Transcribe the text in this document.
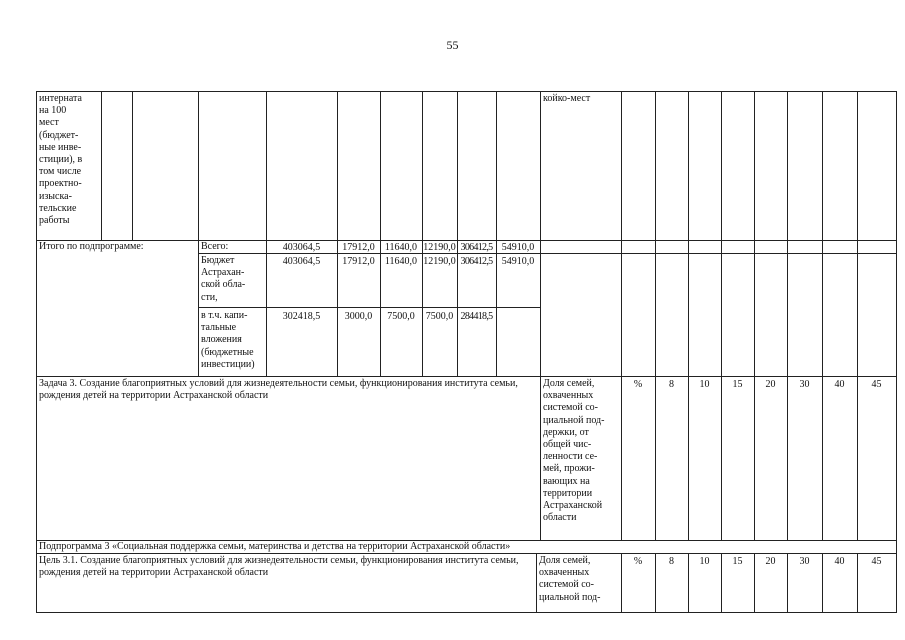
55
интерната
на 100
мест
(бюджет-
ные инве-
стиции), в
том числе
проектно-
изыска-
тельские
работы
койко-мест
Итого по подпрограмме:	Всего:	403064,5	17912,0	11640,0 12190,0 306412,5 54910,0
Бюджет
Астрахан-
ской обла-
сти,
403064,5	17912,0	11640,0 12190,0 306412,5 54910,0
в т.ч. капи-
тальные
вложения
(бюджетные
инвестиции)
302418,5	3000,0	7500,0	7500,0 284418,5
Задача 3. Создание благоприятных условий для жизнедеятельности семьи, функционирования института семьи, рождения детей на территории Астраханской области
Доля семей,
охваченных
системой со-
циальной под-
держки, от
общей чис-
ленности се-
мей, прожи-
вающих на
территории
Астраханской
области
%	8	10	15	20	30	40	45
Подпрограмма 3 «Социальная поддержка семьи, материнства и детства на территории Астраханской области»
Цель 3.1. Создание благоприятных условий для жизнедеятельности семьи, функционирования института семьи, рождения детей на территории Астраханской области
Доля семей,
охваченных
системой со-
циальной под-
%	8	10	15	20	30	40	45
